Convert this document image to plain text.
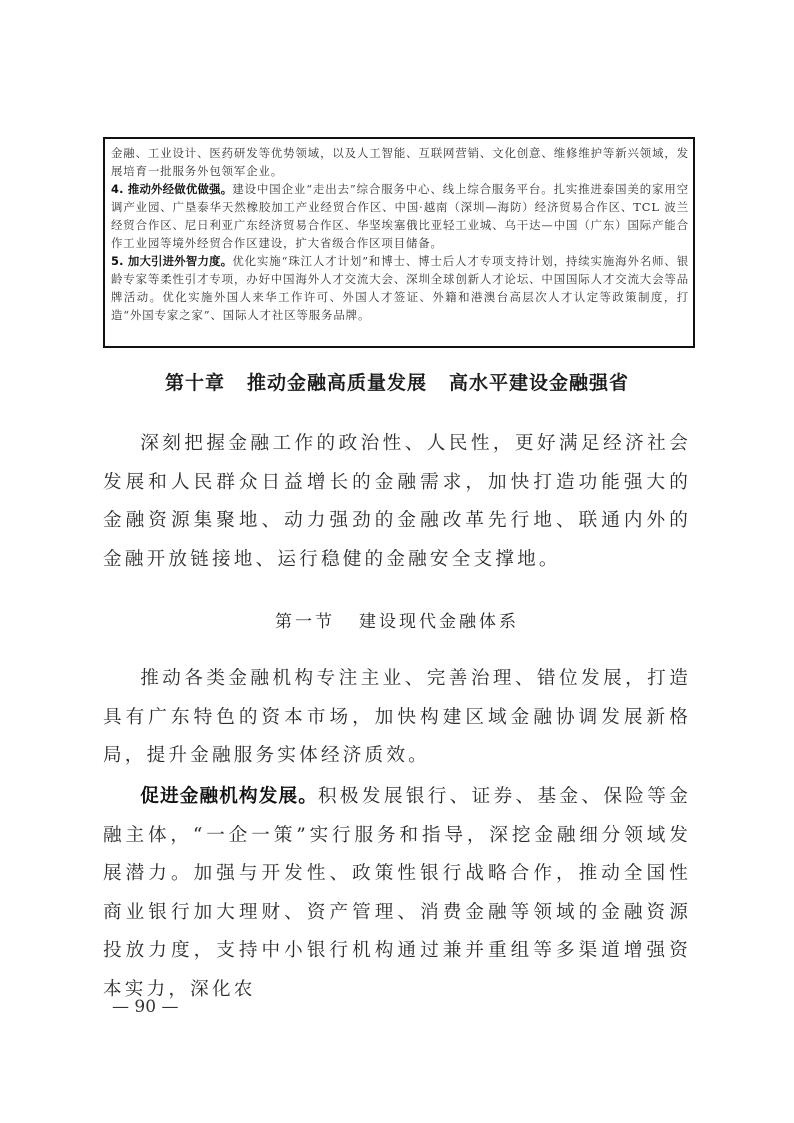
金融、工业设计、医药研发等优势领域，以及人工智能、互联网营销、文化创意、维修维护等新兴领域，发展培育一批服务外包领军企业。

4. 推动外经做优做强。建设中国企业“走出去”综合服务中心、线上综合服务平台。扎实推进泰国美的家用空调产业园、广垦泰华天然橡胶加工产业经贸合作区、中国·越南（深圳—海防）经济贸易合作区、TCL 波兰经贸合作区、尼日利亚广东经济贸易合作区、华坚埃塞俄比亚轻工业城、乌干达—中国（广东）国际产能合作工业园等境外经贸合作区建设，扩大省级合作区项目储备。

5. 加大引进外智力度。优化实施“珠江人才计划”和博士、博士后人才专项支持计划，持续实施海外名师、银龄专家等柔性引才专项，办好中国海外人才交流大会、深圳全球创新人才论坛、中国国际人才交流大会等品牌活动。优化实施外国人来华工作许可、外国人才签证、外籍和港澳台高层次人才认定等政策制度，打造“外国专家之家”、国际人才社区等服务品牌。

第十章 推动金融高质量发展 高水平建设金融强省

深刻把握金融工作的政治性、人民性，更好满足经济社会发展和人民群众日益增长的金融需求，加快打造功能强大的金融资源集聚地、动力强劲的金融改革先行地、联通内外的金融开放链接地、运行稳健的金融安全支撑地。

第一节 建设现代金融体系

推动各类金融机构专注主业、完善治理、错位发展，打造具有广东特色的资本市场，加快构建区域金融协调发展新格局，提升金融服务实体经济质效。

促进金融机构发展。积极发展银行、证券、基金、保险等金融主体，“一企一策”实行服务和指导，深挖金融细分领域发展潜力。加强与开发性、政策性银行战略合作，推动全国性商业银行加大理财、资产管理、消费金融等领域的金融资源投放力度，支持中小银行机构通过兼并重组等多渠道增强资本实力，深化农

— 90 —
